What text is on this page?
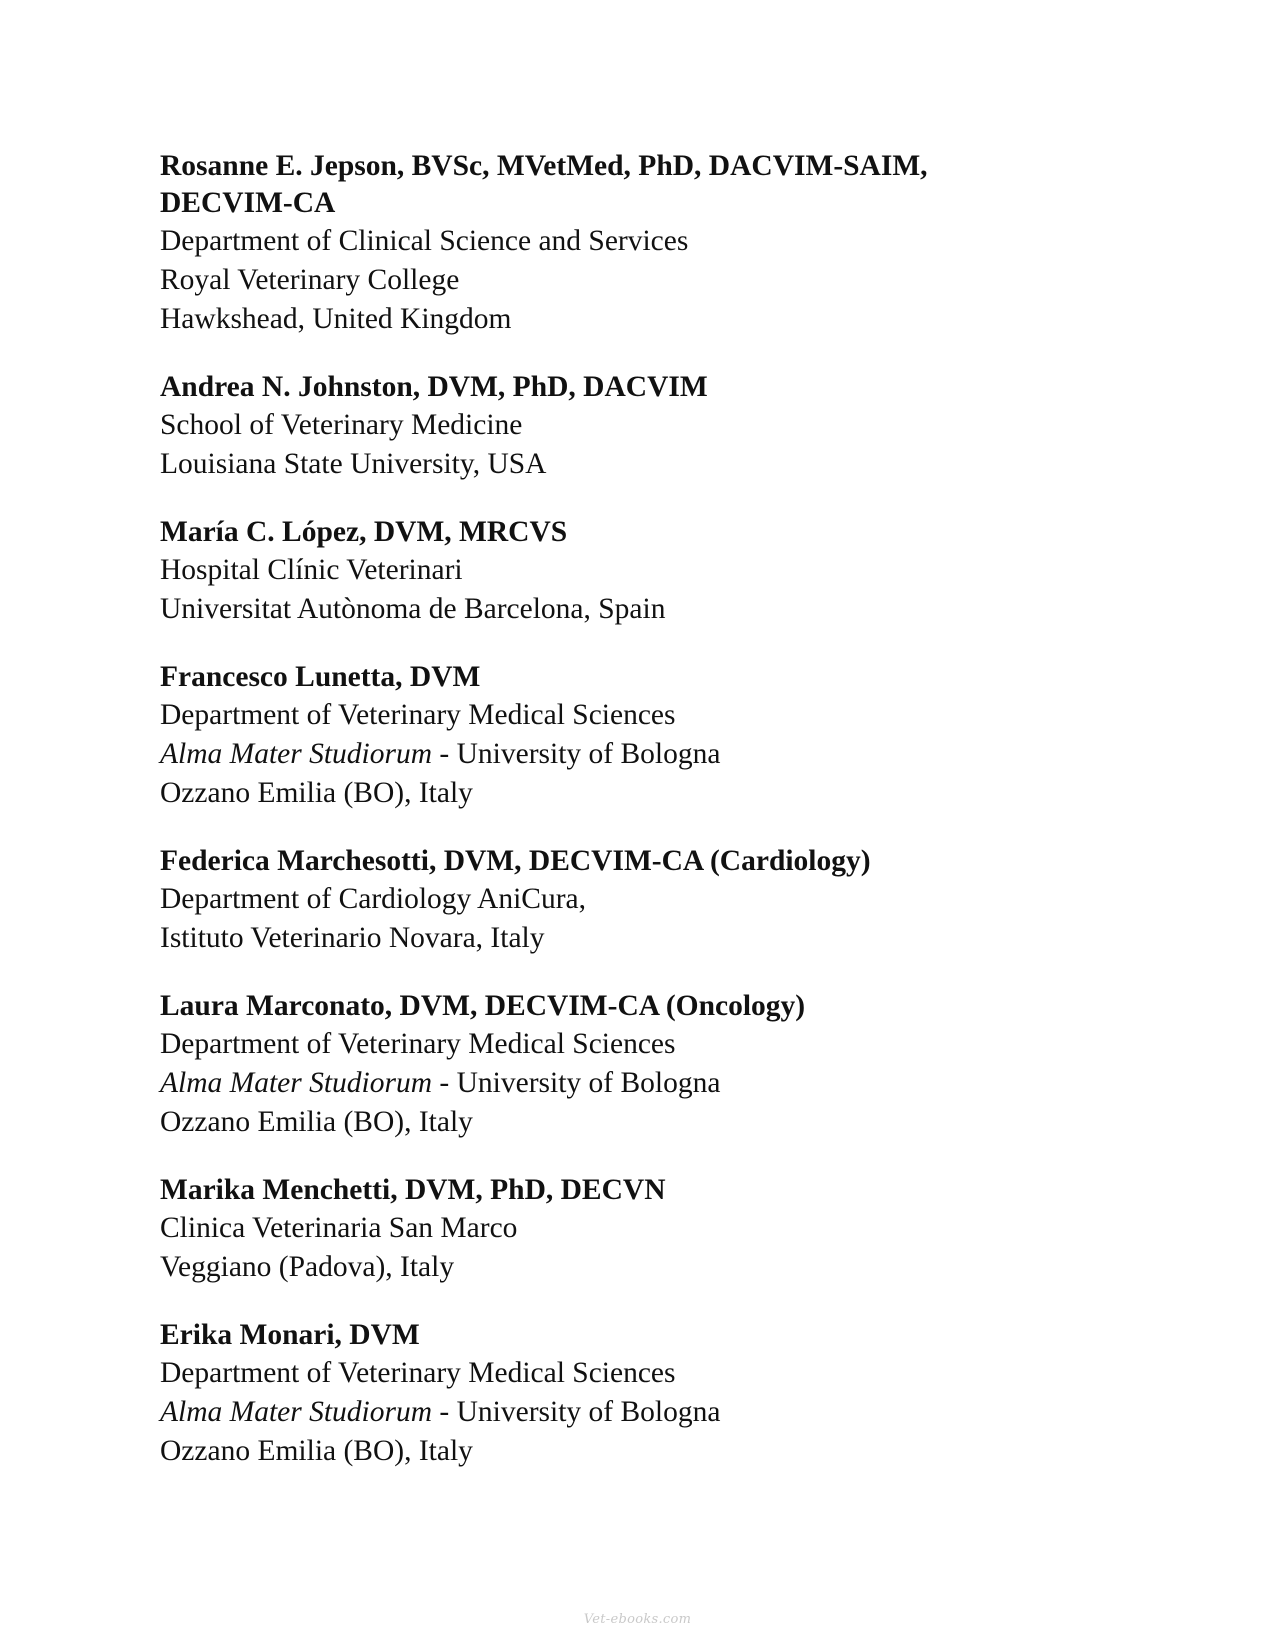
Rosanne E. Jepson, BVSc, MVetMed, PhD, DACVIM-SAIM, DECVIM-CA
Department of Clinical Science and Services
Royal Veterinary College
Hawkshead, United Kingdom
Andrea N. Johnston, DVM, PhD, DACVIM
School of Veterinary Medicine
Louisiana State University, USA
María C. López, DVM, MRCVS
Hospital Clínic Veterinari
Universitat Autònoma de Barcelona, Spain
Francesco Lunetta, DVM
Department of Veterinary Medical Sciences
Alma Mater Studiorum - University of Bologna
Ozzano Emilia (BO), Italy
Federica Marchesotti, DVM, DECVIM-CA (Cardiology)
Department of Cardiology AniCura,
Istituto Veterinario Novara, Italy
Laura Marconato, DVM, DECVIM-CA (Oncology)
Department of Veterinary Medical Sciences
Alma Mater Studiorum - University of Bologna
Ozzano Emilia (BO), Italy
Marika Menchetti, DVM, PhD, DECVN
Clinica Veterinaria San Marco
Veggiano (Padova), Italy
Erika Monari, DVM
Department of Veterinary Medical Sciences
Alma Mater Studiorum - University of Bologna
Ozzano Emilia (BO), Italy
Vet-ebooks.com
